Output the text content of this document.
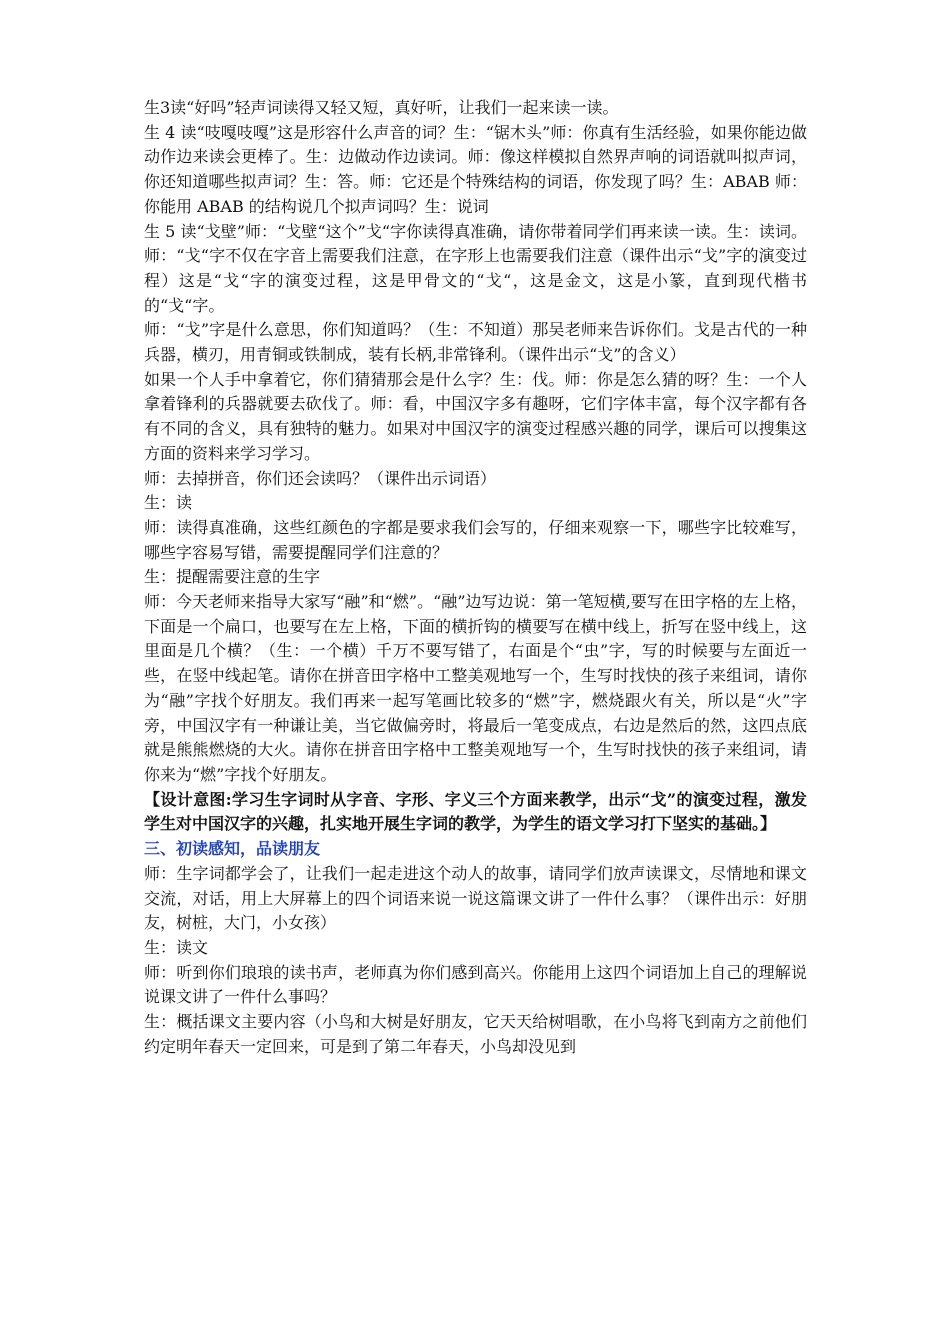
生3读“好吗”轻声词读得又轻又短，真好听，让我们一起来读一读。

生 4 读“吱嘎吱嘎”这是形容什么声音的词？生：“锯木头”师：你真有生活经验，如果你能边做动作边来读会更棒了。生：边做动作边读词。师：像这样模拟自然界声响的词语就叫拟声词，你还知道哪些拟声词？生：答。师：它还是个特殊结构的词语，你发现了吗？生：ABAB 师：你能用 ABAB 的结构说几个拟声词吗？生：说词

生 5 读“戈壁”师：“戈壁“这个”戈“字你读得真准确，请你带着同学们再来读一读。生：读词。师：“戈“字不仅在字音上需要我们注意，在字形上也需要我们注意（课件出示“戈”字的演变过程）这是“戈“字的演变过程，这是甲骨文的“戈“，这是金文，这是小篆，直到现代楷书的“戈“字。

师：“戈”字是什么意思，你们知道吗？（生：不知道）那吴老师来告诉你们。戈是古代的一种兵器，横刃，用青铜或铁制成，装有长柄,非常锋利。（课件出示“戈”的含义）

如果一个人手中拿着它，你们猜猜那会是什么字？生：伐。师：你是怎么猜的呀？生：一个人拿着锋利的兵器就要去砍伐了。师：看，中国汉字多有趣呀，它们字体丰富，每个汉字都有各有不同的含义，具有独特的魅力。如果对中国汉字的演变过程感兴趣的同学，课后可以搜集这方面的资料来学习学习。

师：去掉拼音，你们还会读吗？（课件出示词语）

生：读

师：读得真准确，这些红颜色的字都是要求我们会写的，仔细来观察一下，哪些字比较难写，哪些字容易写错，需要提醒同学们注意的？

生：提醒需要注意的生字

师：今天老师来指导大家写“融”和“燃”。“融”边写边说：第一笔短横,要写在田字格的左上格，下面是一个扁口，也要写在左上格，下面的横折钩的横要写在横中线上，折写在竖中线上，这里面是几个横？（生：一个横）千万不要写错了，右面是个“虫”字，写的时候要与左面近一些，在竖中线起笔。请你在拼音田字格中工整美观地写一个，生写时找快的孩子来组词，请你为“融”字找个好朋友。我们再来一起写笔画比较多的“燃”字，燃烧跟火有关，所以是“火”字旁，中国汉字有一种谦让美，当它做偏旁时，将最后一笔变成点，右边是然后的然，这四点底就是熊熊燃烧的大火。请你在拼音田字格中工整美观地写一个，生写时找快的孩子来组词，请你来为“燃”字找个好朋友。

【设计意图:学习生字词时从字音、字形、字义三个方面来教学，出示“戈”的演变过程，激发学生对中国汉字的兴趣，扎实地开展生字词的教学，为学生的语文学习打下坚实的基础。】

三、初读感知，品读朋友

师：生字词都学会了，让我们一起走进这个动人的故事，请同学们放声读课文，尽情地和课文交流，对话，用上大屏幕上的四个词语来说一说这篇课文讲了一件什么事？（课件出示：好朋友，树桩，大门，小女孩）

生：读文

师：听到你们琅琅的读书声，老师真为你们感到高兴。你能用上这四个词语加上自己的理解说说课文讲了一件什么事吗？

生：概括课文主要内容（小鸟和大树是好朋友，它天天给树唱歌，在小鸟将飞到南方之前他们约定明年春天一定回来，可是到了第二年春天，小鸟却没见到
